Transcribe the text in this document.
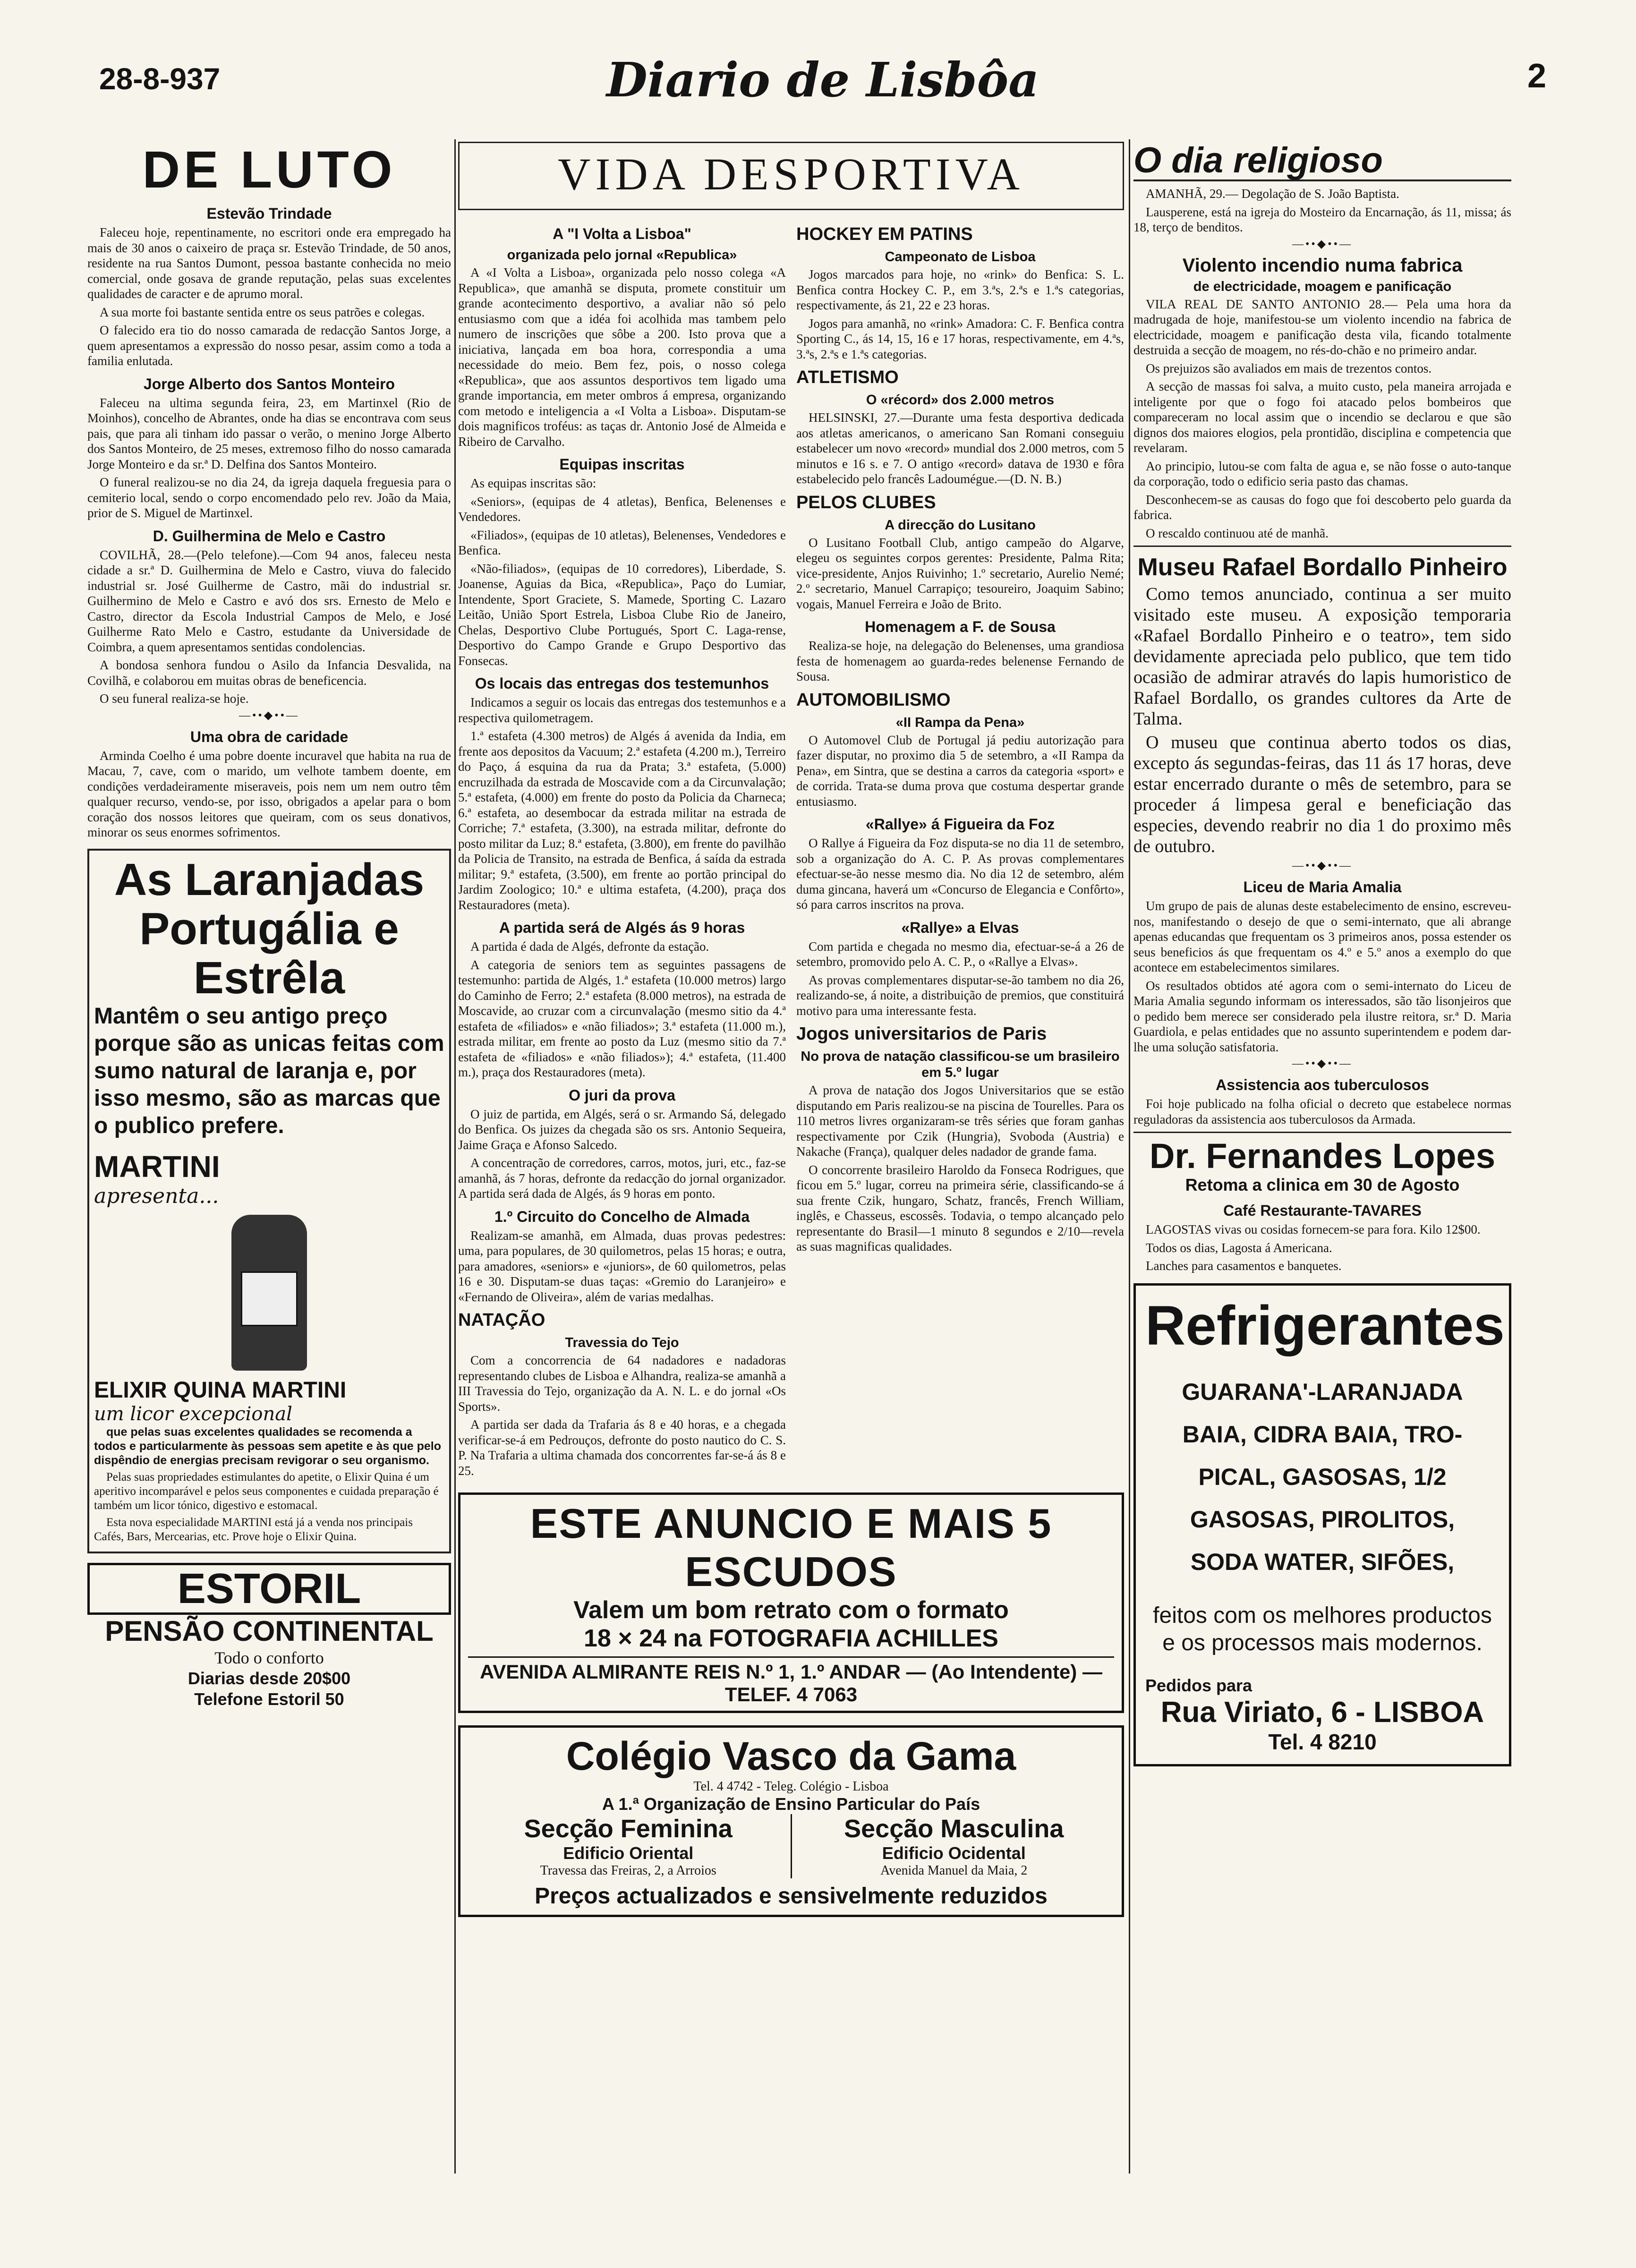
28-8-937	Diario de Lisbôa	2
DE LUTO
Estevão Trindade

Faleceu hoje, repentinamente, no escritori onde era empregado ha mais de 30 anos o caixeiro de praça sr. Estevão Trindade, de 50 anos, residente na rua Santos Dumont, pessoa bastante conhecida no meio comercial, onde gosava de grande reputação, pelas suas excelentes qualidades de caracter e de aprumo moral.

A sua morte foi bastante sentida entre os seus patrões e colegas.

O falecido era tio do nosso camarada de redacção Santos Jorge, a quem apresentamos a expressão do nosso pesar, assim como a toda a familia enlutada.

Jorge Alberto dos Santos Monteiro

Faleceu na ultima segunda feira, 23, em Martinxel (Rio de Moinhos), concelho de Abrantes, onde ha dias se encontrava com seus pais, que para ali tinham ido passar o verão, o menino Jorge Alberto dos Santos Monteiro, de 25 meses, extremoso filho do nosso camarada Jorge Monteiro e da sr.ª D. Delfina dos Santos Monteiro.

O funeral realizou-se no dia 24, da igreja daquela freguesia para o cemiterio local, sendo o corpo encomendado pelo rev. João da Maia, prior de S. Miguel de Martinxel.

D. Guilhermina de Melo e Castro

COVILHÃ, 28.—(Pelo telefone).—Com 94 anos, faleceu nesta cidade a sr.ª D. Guilhermina de Melo e Castro, viuva do falecido industrial sr. José Guilherme de Castro, mãi do industrial sr. Guilhermino de Melo e Castro e avó dos srs. Ernesto de Melo e Castro, director da Escola Industrial Campos de Melo, e José Guilherme Rato Melo e Castro, estudante da Universidade de Coimbra, a quem apresentamos sentidas condolencias.

A bondosa senhora fundou o Asilo da Infancia Desvalida, na Covilhã, e colaborou em muitas obras de beneficencia.

O seu funeral realiza-se hoje.

—••◆••—
Uma obra de caridade

Arminda Coelho é uma pobre doente incuravel que habita na rua de Macau, 7, cave, com o marido, um velhote tambem doente, em condições verdadeiramente miseraveis, pois nem um nem outro têm qualquer recurso, vendo-se, por isso, obrigados a apelar para o bom coração dos nossos leitores que queiram, com os seus donativos, minorar os seus enormes sofrimentos.

As Laranjadas Portugália e Estrêla
Mantêm o seu antigo preço porque são as unicas feitas com sumo natural de laranja e, por isso mesmo, são as marcas que o publico prefere.
MARTINI
apresenta...
ELIXIR QUINA MARTINI
um licor excepcional

que pelas suas excelentes qualidades se recomenda a todos e particularmente às pessoas sem apetite e às que pelo dispêndio de energias precisam revigorar o seu organismo.

Pelas suas propriedades estimulantes do apetite, o Elixir Quina é um aperitivo incomparável e pelos seus componentes e cuidada preparação é também um licor tónico, digestivo e estomacal.

Esta nova especialidade MARTINI está já a venda nos principais Cafés, Bars, Mercearias, etc. Prove hoje o Elixir Quina.

ESTORIL
PENSÃO CONTINENTAL
Todo o conforto
Diarias desde 20$00
Telefone Estoril 50
VIDA DESPORTIVA
A "I Volta a Lisboa"
organizada pelo jornal «Republica»

A «I Volta a Lisboa», organizada pelo nosso colega «A Republica», que amanhã se disputa, promete constituir um grande acontecimento desportivo, a avaliar não só pelo entusiasmo com que a idéa foi acolhida mas tambem pelo numero de inscrições que sôbe a 200. Isto prova que a iniciativa, lançada em boa hora, correspondia a uma necessidade do meio. Bem fez, pois, o nosso colega «Republica», que aos assuntos desportivos tem ligado uma grande importancia, em meter ombros á empresa, organizando com metodo e inteligencia a «I Volta a Lisboa». Disputam-se dois magnificos troféus: as taças dr. Antonio José de Almeida e Ribeiro de Carvalho.

Equipas inscritas

As equipas inscritas são:

«Seniors», (equipas de 4 atletas), Benfica, Belenenses e Vendedores.

«Filiados», (equipas de 10 atletas), Belenenses, Vendedores e Benfica.

«Não-filiados», (equipas de 10 corredores), Liberdade, S. Joanense, Aguias da Bica, «Republica», Paço do Lumiar, Intendente, Sport Graciete, S. Mamede, Sporting C. Lazaro Leitão, União Sport Estrela, Lisboa Clube Rio de Janeiro, Chelas, Desportivo Clube Portugués, Sport C. Laga-rense, Desportivo do Campo Grande e Grupo Desportivo das Fonsecas.

Os locais das entregas dos testemunhos

Indicamos a seguir os locais das entregas dos testemunhos e a respectiva quilometragem.

1.ª estafeta (4.300 metros) de Algés á avenida da India, em frente aos depositos da Vacuum; 2.ª estafeta (4.200 m.), Terreiro do Paço, á esquina da rua da Prata; 3.ª estafeta, (5.000) encruzilhada da estrada de Moscavide com a da Circunvalação; 5.ª estafeta, (4.000) em frente do posto da Policia da Charneca; 6.ª estafeta, ao desembocar da estrada militar na estrada de Corriche; 7.ª estafeta, (3.300), na estrada militar, defronte do posto militar da Luz; 8.ª estafeta, (3.800), em frente do pavilhão da Policia de Transito, na estrada de Benfica, á saída da estrada militar; 9.ª estafeta, (3.500), em frente ao portão principal do Jardim Zoologico; 10.ª e ultima estafeta, (4.200), praça dos Restauradores (meta).

A partida será de Algés ás 9 horas

A partida é dada de Algés, defronte da estação.

A categoria de seniors tem as seguintes passagens de testemunho: partida de Algés, 1.ª estafeta (10.000 metros) largo do Caminho de Ferro; 2.ª estafeta (8.000 metros), na estrada de Moscavide, ao cruzar com a circunvalação (mesmo sitio da 4.ª estafeta de «filiados» e «não filiados»; 3.ª estafeta (11.000 m.), estrada militar, em frente ao posto da Luz (mesmo sitio da 7.ª estafeta de «filiados» e «não filiados»); 4.ª estafeta, (11.400 m.), praça dos Restauradores (meta).

O juri da prova

O juiz de partida, em Algés, será o sr. Armando Sá, delegado do Benfica. Os juizes da chegada são os srs. Antonio Sequeira, Jaime Graça e Afonso Salcedo.

A concentração de corredores, carros, motos, juri, etc., faz-se amanhã, ás 7 horas, defronte da redacção do jornal organizador. A partida será dada de Algés, ás 9 horas em ponto.

1.º Circuito do Concelho de Almada

Realizam-se amanhã, em Almada, duas provas pedestres: uma, para populares, de 30 quilometros, pelas 15 horas; e outra, para amadores, «seniors» e «juniors», de 60 quilometros, pelas 16 e 30. Disputam-se duas taças: «Gremio do Laranjeiro» e «Fernando de Oliveira», além de varias medalhas.

NATAÇÃO
Travessia do Tejo

Com a concorrencia de 64 nadadores e nadadoras representando clubes de Lisboa e Alhandra, realiza-se amanhã a III Travessia do Tejo, organização da A. N. L. e do jornal «Os Sports».

A partida ser dada da Trafaria ás 8 e 40 horas, e a chegada verificar-se-á em Pedrouços, defronte do posto nautico do C. S. P. Na Trafaria a ultima chamada dos concorrentes far-se-á ás 8 e 25.

HOCKEY EM PATINS
Campeonato de Lisboa

Jogos marcados para hoje, no «rink» do Benfica: S. L. Benfica contra Hockey C. P., em 3.ªs, 2.ªs e 1.ªs categorias, respectivamente, ás 21, 22 e 23 horas.

Jogos para amanhã, no «rink» Amadora: C. F. Benfica contra Sporting C., ás 14, 15, 16 e 17 horas, respectivamente, em 4.ªs, 3.ªs, 2.ªs e 1.ªs categorias.

ATLETISMO
O «récord» dos 2.000 metros

HELSINSKI, 27.—Durante uma festa desportiva dedicada aos atletas americanos, o americano San Romani conseguiu estabelecer um novo «record» mundial dos 2.000 metros, com 5 minutos e 16 s. e 7. O antigo «record» datava de 1930 e fôra estabelecido pelo francês Ladoumégue.—(D. N. B.)

PELOS CLUBES
A direcção do Lusitano

O Lusitano Football Club, antigo campeão do Algarve, elegeu os seguintes corpos gerentes: Presidente, Palma Rita; vice-presidente, Anjos Ruivinho; 1.º secretario, Aurelio Nemé; 2.º secretario, Manuel Carrapiço; tesoureiro, Joaquim Sabino; vogais, Manuel Ferreira e João de Brito.

Homenagem a F. de Sousa

Realiza-se hoje, na delegação do Belenenses, uma grandiosa festa de homenagem ao guarda-redes belenense Fernando de Sousa.

AUTOMOBILISMO
«II Rampa da Pena»

O Automovel Club de Portugal já pediu autorização para fazer disputar, no proximo dia 5 de setembro, a «II Rampa da Pena», em Sintra, que se destina a carros da categoria «sport» e de corrida. Trata-se duma prova que costuma despertar grande entusiasmo.

«Rallye» á Figueira da Foz

O Rallye á Figueira da Foz disputa-se no dia 11 de setembro, sob a organização do A. C. P. As provas complementares efectuar-se-ão nesse mesmo dia. No dia 12 de setembro, além duma gincana, haverá um «Concurso de Elegancia e Confôrto», só para carros inscritos na prova.

«Rallye» a Elvas

Com partida e chegada no mesmo dia, efectuar-se-á a 26 de setembro, promovido pelo A. C. P., o «Rallye a Elvas».

As provas complementares disputar-se-ão tambem no dia 26, realizando-se, á noite, a distribuição de premios, que constituirá motivo para uma interessante festa.

Jogos universitarios de Paris
No prova de natação classificou-se um brasileiro em 5.º lugar

A prova de natação dos Jogos Universitarios que se estão disputando em Paris realizou-se na piscina de Tourelles. Para os 110 metros livres organizaram-se três séries que foram ganhas respectivamente por Czik (Hungria), Svoboda (Austria) e Nakache (França), qualquer deles nadador de grande fama.

O concorrente brasileiro Haroldo da Fonseca Rodrigues, que ficou em 5.º lugar, correu na primeira série, classificando-se á sua frente Czik, hungaro, Schatz, francês, French William, inglês, e Chasseus, escossês. Todavia, o tempo alcançado pelo representante do Brasil—1 minuto 8 segundos e 2/10—revela as suas magnificas qualidades.

ESTE ANUNCIO E MAIS 5 ESCUDOS
Valem um bom retrato com o formato
18 × 24 na FOTOGRAFIA ACHILLES
AVENIDA ALMIRANTE REIS N.º 1, 1.º ANDAR — (Ao Intendente) — TELEF. 4 7063
Colégio Vasco da Gama
Tel. 4 4742 - Teleg. Colégio - Lisboa
A 1.ª Organização de Ensino Particular do País
Secção Feminina
Edificio Oriental
Travessa das Freiras, 2, a Arroios
Secção Masculina
Edificio Ocidental
Avenida Manuel da Maia, 2
Preços actualizados e sensivelmente reduzidos
O dia religioso

AMANHÃ, 29.— Degolação de S. João Baptista.

Lausperene, está na igreja do Mosteiro da Encarnação, ás 11, missa; ás 18, terço de benditos.

—••◆••—
Violento incendio numa fabrica
de electricidade, moagem e panificação

VILA REAL DE SANTO ANTONIO 28.— Pela uma hora da madrugada de hoje, manifestou-se um violento incendio na fabrica de electricidade, moagem e panificação desta vila, ficando totalmente destruida a secção de moagem, no rés-do-chão e no primeiro andar.

Os prejuizos são avaliados em mais de trezentos contos.

A secção de massas foi salva, a muito custo, pela maneira arrojada e inteligente por que o fogo foi atacado pelos bombeiros que compareceram no local assim que o incendio se declarou e que são dignos dos maiores elogios, pela prontidão, disciplina e competencia que revelaram.

Ao principio, lutou-se com falta de agua e, se não fosse o auto-tanque da corporação, todo o edificio seria pasto das chamas.

Desconhecem-se as causas do fogo que foi descoberto pelo guarda da fabrica.

O rescaldo continuou até de manhã.

Museu Rafael Bordallo Pinheiro

Como temos anunciado, continua a ser muito visitado este museu. A exposição temporaria «Rafael Bordallo Pinheiro e o teatro», tem sido devidamente apreciada pelo publico, que tem tido ocasião de admirar através do lapis humoristico de Rafael Bordallo, os grandes cultores da Arte de Talma.

O museu que continua aberto todos os dias, excepto ás segundas-feiras, das 11 ás 17 horas, deve estar encerrado durante o mês de setembro, para se proceder á limpesa geral e beneficiação das especies, devendo reabrir no dia 1 do proximo mês de outubro.

—••◆••—
Liceu de Maria Amalia

Um grupo de pais de alunas deste estabelecimento de ensino, escreveu-nos, manifestando o desejo de que o semi-internato, que ali abrange apenas educandas que frequentam os 3 primeiros anos, possa estender os seus beneficios ás que frequentam os 4.º e 5.º anos a exemplo do que acontece em estabelecimentos similares.

Os resultados obtidos até agora com o semi-internato do Liceu de Maria Amalia segundo informam os interessados, são tão lisonjeiros que o pedido bem merece ser considerado pela ilustre reitora, sr.ª D. Maria Guardiola, e pelas entidades que no assunto superintendem e podem dar-lhe uma solução satisfatoria.

—••◆••—
Assistencia aos tuberculosos

Foi hoje publicado na folha oficial o decreto que estabelece normas reguladoras da assistencia aos tuberculosos da Armada.

Dr. Fernandes Lopes
Retoma a clinica em 30 de Agosto
Café Restaurante-TAVARES

LAGOSTAS vivas ou cosidas fornecem-se para fora. Kilo 12$00.

Todos os dias, Lagosta á Americana.

Lanches para casamentos e banquetes.

Refrigerantes
GUARANA'-LARANJADA
BAIA, CIDRA BAIA, TRO-
PICAL, GASOSAS, 1/2
GASOSAS, PIROLITOS,
SODA WATER, SIFÕES,
feitos com os melhores productos e os processos mais modernos.
Pedidos para
Rua Viriato, 6 - LISBOA
Tel. 4 8210
